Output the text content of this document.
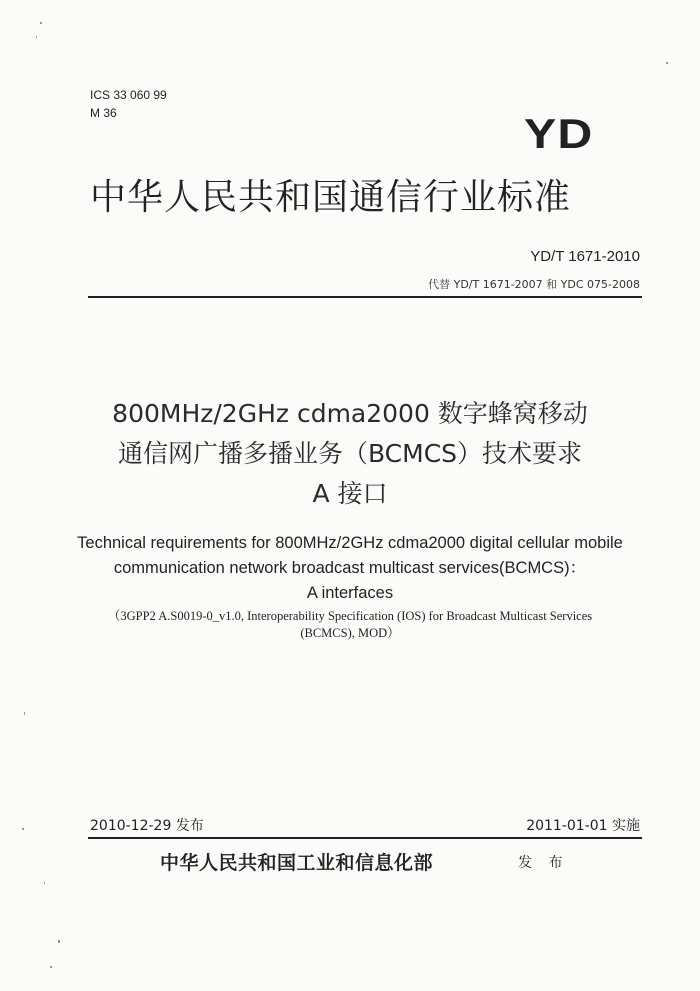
ICS 33 060 99
M 36	YD
中华人民共和国通信行业标准
YD/T 1671-2010
代替 YD/T 1671-2007 和 YDC 075-2008
800MHz/2GHz cdma2000 数字蜂窝移动
通信网广播多播业务（BCMCS）技术要求
A 接口
Technical requirements for 800MHz/2GHz cdma2000 digital cellular mobile
communication network broadcast multicast services(BCMCS)：
A interfaces
（3GPP2 A.S0019-0_v1.0, Interoperability Specification (IOS) for Broadcast Multicast Services
(BCMCS), MOD）
2010-12-29 发布	2011-01-01 实施
中华人民共和国工业和信息化部	发 布
